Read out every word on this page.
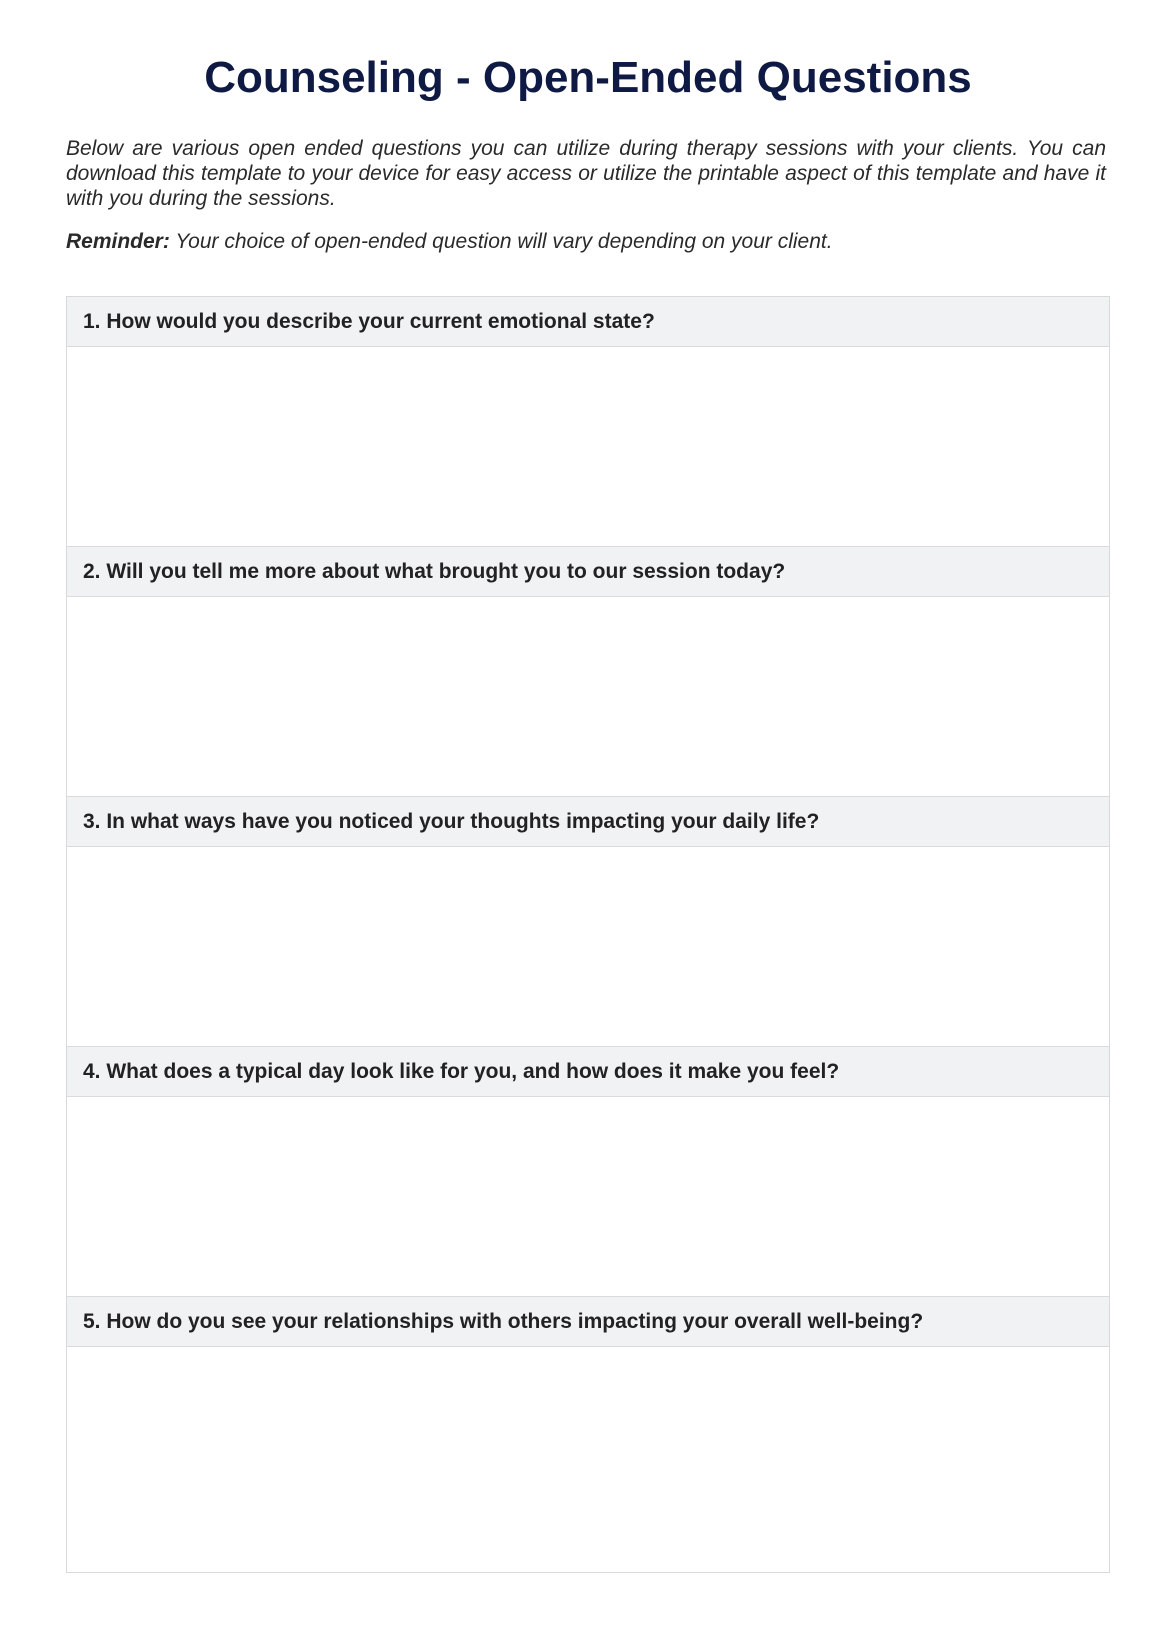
Counseling - Open-Ended Questions

Below are various open ended questions you can utilize during therapy sessions with your clients. You can download this template to your device for easy access or utilize the printable aspect of this template and have it with you during the sessions.

Reminder: Your choice of open-ended question will vary depending on your client.

1. How would you describe your current emotional state?
2. Will you tell me more about what brought you to our session today?
3. In what ways have you noticed your thoughts impacting your daily life?
4. What does a typical day look like for you, and how does it make you feel?
5. How do you see your relationships with others impacting your overall well-being?
